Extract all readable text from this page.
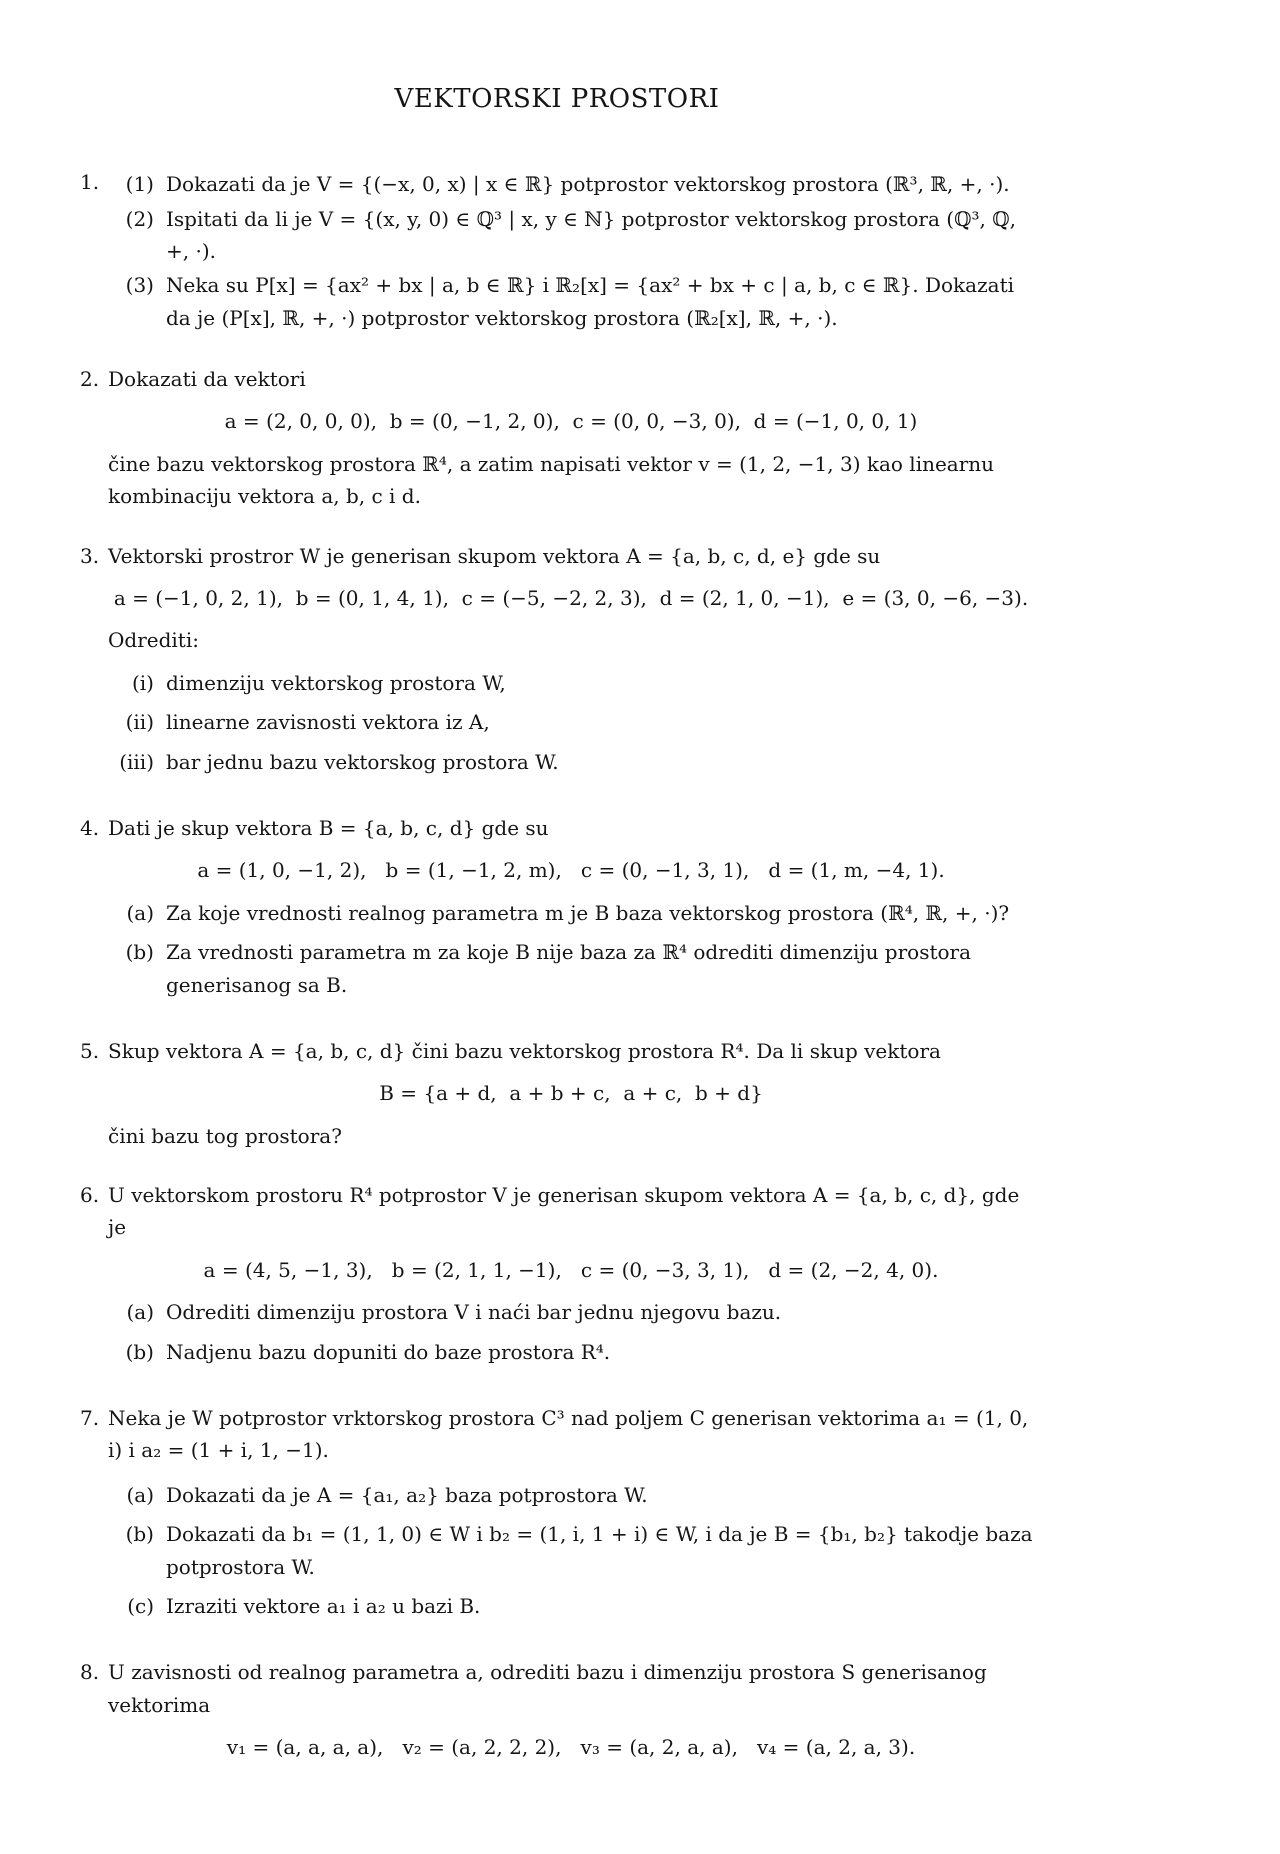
VEKTORSKI PROSTORI
1.	(1) Dokazati da je V = {(−x, 0, x) | x ∈ ℝ} potprostor vektorskog prostora (ℝ³, ℝ, +, ·).
(2) Ispitati da li je V = {(x, y, 0) ∈ ℚ³ | x, y ∈ ℕ} potprostor vektorskog prostora (ℚ³, ℚ, +, ·).
(3) Neka su P[x] = {ax² + bx | a, b ∈ ℝ} i ℝ₂[x] = {ax² + bx + c | a, b, c ∈ ℝ}. Dokazati da je (P[x], ℝ, +, ·) potprostor vektorskog prostora (ℝ₂[x], ℝ, +, ·).
2. Dokazati da vektori

a = (2, 0, 0, 0),  b = (0, −1, 2, 0),  c = (0, 0, −3, 0),  d = (−1, 0, 0, 1)

čine bazu vektorskog prostora ℝ⁴, a zatim napisati vektor v = (1, 2, −1, 3) kao linearnu kombinaciju vektora a, b, c i d.

3. Vektorski prostror W je generisan skupom vektora A = {a, b, c, d, e} gde su

a = (−1, 0, 2, 1),  b = (0, 1, 4, 1),  c = (−5, −2, 2, 3),  d = (2, 1, 0, −1),  e = (3, 0, −6, −3).

Odrediti:

(i) dimenziju vektorskog prostora W,
(ii) linearne zavisnosti vektora iz A,
(iii) bar jednu bazu vektorskog prostora W.
4. Dati je skup vektora B = {a, b, c, d} gde su

a = (1, 0, −1, 2),   b = (1, −1, 2, m),   c = (0, −1, 3, 1),   d = (1, m, −4, 1).
(a) Za koje vrednosti realnog parametra m je B baza vektorskog prostora (ℝ⁴, ℝ, +, ·)?
(b) Za vrednosti parametra m za koje B nije baza za ℝ⁴ odrediti dimenziju prostora generisanog sa B.
5. Skup vektora A = {a, b, c, d} čini bazu vektorskog prostora R⁴. Da li skup vektora

B = {a + d,  a + b + c,  a + c,  b + d}

čini bazu tog prostora?

6. U vektorskom prostoru R⁴ potprostor V je generisan skupom vektora A = {a, b, c, d}, gde je

a = (4, 5, −1, 3),   b = (2, 1, 1, −1),   c = (0, −3, 3, 1),   d = (2, −2, 4, 0).
(a) Odrediti dimenziju prostora V i naći bar jednu njegovu bazu.
(b) Nadjenu bazu dopuniti do baze prostora R⁴.
7. Neka je W potprostor vrktorskog prostora C³ nad poljem C generisan vektorima a₁ = (1, 0, i) i a₂ = (1 + i, 1, −1).

(a) Dokazati da je A = {a₁, a₂} baza potprostora W.
(b) Dokazati da b₁ = (1, 1, 0) ∈ W i b₂ = (1, i, 1 + i) ∈ W, i da je B = {b₁, b₂} takodje baza potprostora W.
(c) Izraziti vektore a₁ i a₂ u bazi B.
8. U zavisnosti od realnog parametra a, odrediti bazu i dimenziju prostora S generisanog vektorima

v₁ = (a, a, a, a),   v₂ = (a, 2, 2, 2),   v₃ = (a, 2, a, a),   v₄ = (a, 2, a, 3).
